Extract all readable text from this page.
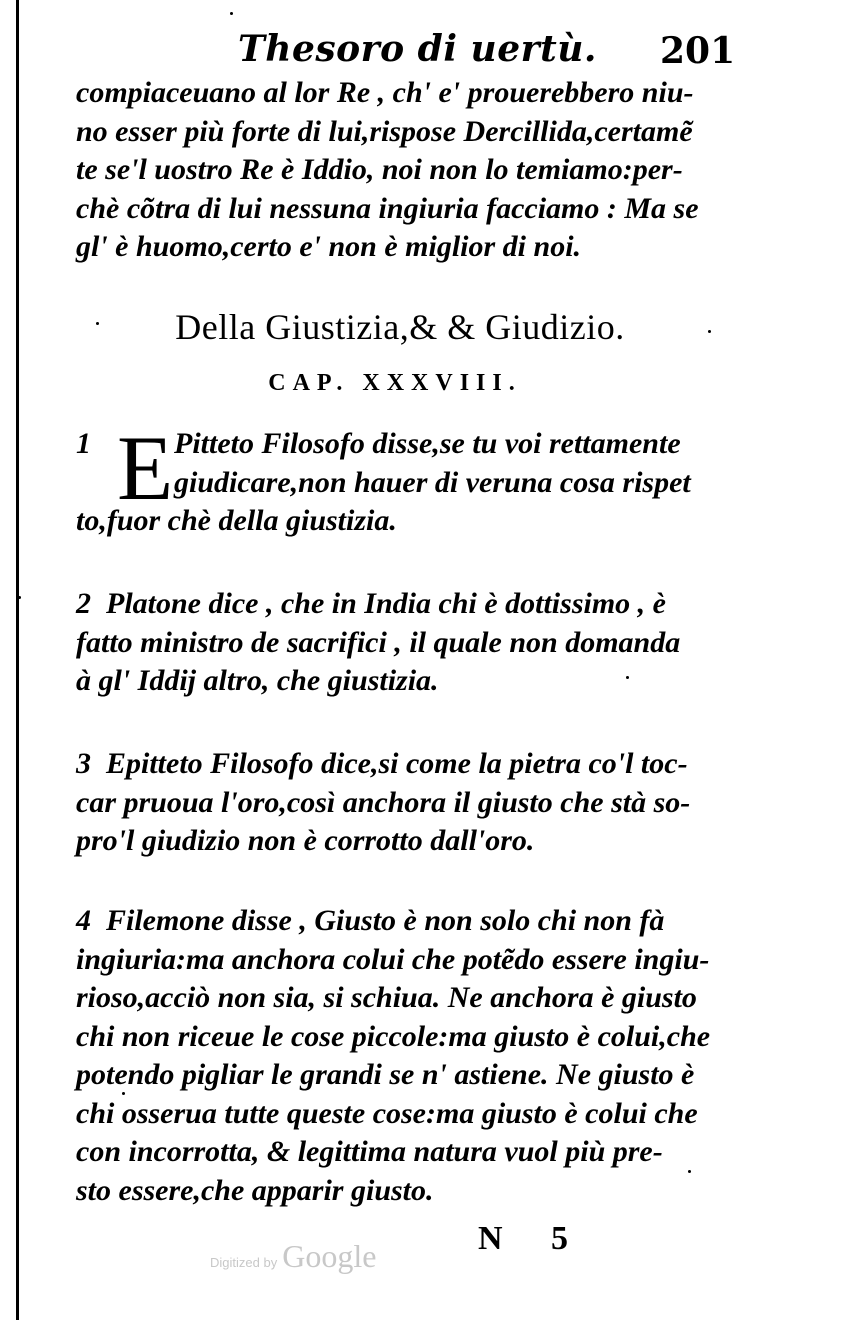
Thesoro di uertù. 201
compiaceuano al lor Re , ch' e' prouerebbero niu-
no esser più forte di lui,rispose Dercillida,certamẽ
te se'l uostro Re è Iddio, noi non lo temiamo:per-
chè cõtra di lui nessuna ingiuria facciamo : Ma se
gl' è huomo,certo e' non è miglior di noi.
Della Giustizia,& & Giudizio.
CAP. XXXVIII.
1 E Pitteto Filosofo disse,se tu voi rettamente
giudicare,non hauer di veruna cosa rispet
to,fuor chè della giustizia.
2 Platone dice , che in India chi è dottissimo , è
fatto ministro de sacrifici , il quale non domanda
à gl' Iddij altro, che giustizia.
3 Epitteto Filosofo dice,si come la pietra co'l toc-
car pruoua l'oro,così anchora il giusto che stà so-
pro'l giudizio non è corrotto dall'oro.
4 Filemone disse , Giusto è non solo chi non fà
ingiuria:ma anchora colui che potẽdo essere ingiu-
rioso,acciò non sia, si schiua. Ne anchora è giusto
chi non riceue le cose piccole:ma giusto è colui,che
potendo pigliar le grandi se n' astiene. Ne giusto è
chi osserua tutte queste cose:ma giusto è colui che
con incorrotta, & legittima natura vuol più pre-
sto essere,che apparir giusto.
N 5
Digitized by Google
